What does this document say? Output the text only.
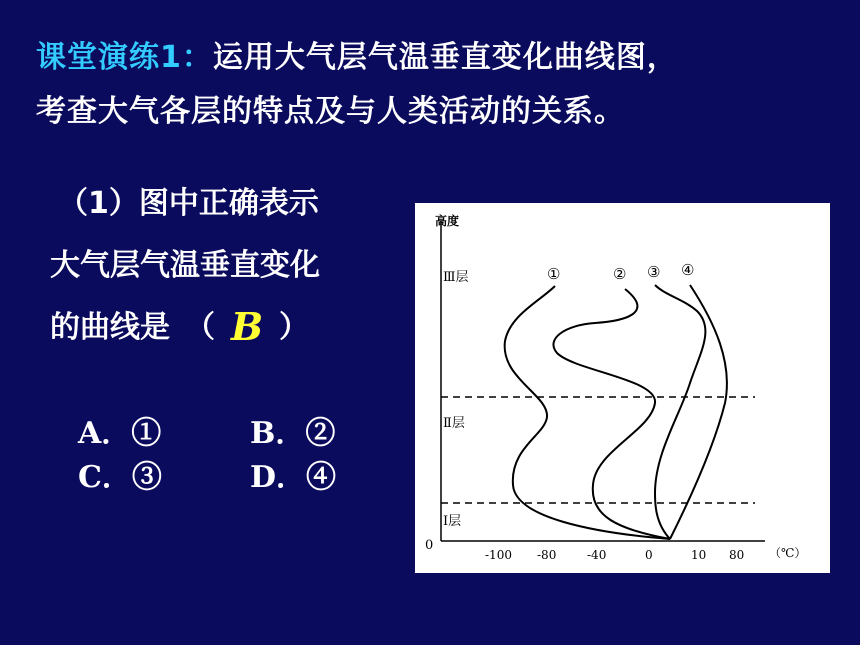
课堂演练1：运用大气层气温垂直变化曲线图，
考查大气各层的特点及与人类活动的关系。
（1）图中正确表示
大气层气温垂直变化
的曲线是　（ B ）
A．①	B．②
C．③	D．④
高度
Ⅲ层
Ⅱ层
Ⅰ层
0
-100 -80	-40	0	10 80 （℃）
①	② ③ ④
